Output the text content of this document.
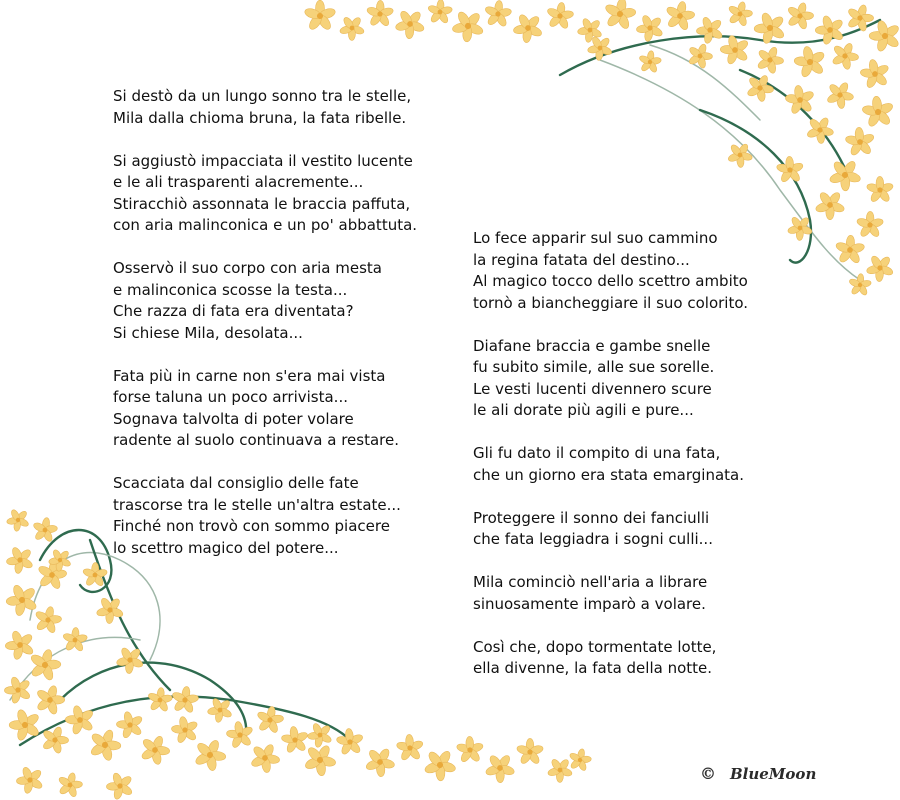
Si destò da un lungo sonno tra le stelle,
Mila dalla chioma bruna, la fata ribelle.
Si aggiustò impacciata il vestito lucente
e le ali trasparenti alacremente...
Stiracchiò assonnata le braccia paffuta,
con aria malinconica e un po' abbattuta.
Osservò il suo corpo con aria mesta
e malinconica scosse la testa...
Che razza di fata era diventata?
Si chiese Mila, desolata...
Fata più in carne non s'era mai vista
forse taluna un poco arrivista...
Sognava talvolta di poter volare
radente al suolo continuava a restare.
Scacciata dal consiglio delle fate
trascorse tra le stelle un'altra estate...
Finché non trovò con sommo piacere
lo scettro magico del potere...
Lo fece apparir sul suo cammino
la regina fatata del destino...
Al magico tocco dello scettro ambito
tornò a biancheggiare il suo colorito.
Diafane braccia e gambe snelle
fu subito simile, alle sue sorelle.
Le vesti lucenti divennero scure
le ali dorate più agili e pure...
Gli fu dato il compito di una fata,
che un giorno era stata emarginata.
Proteggere il sonno dei fanciulli
che fata leggiadra i sogni culli...
Mila cominciò nell'aria a librare
sinuosamente imparò a volare.
Così che, dopo tormentate lotte,
ella divenne, la fata della notte.
© BlueMoon
